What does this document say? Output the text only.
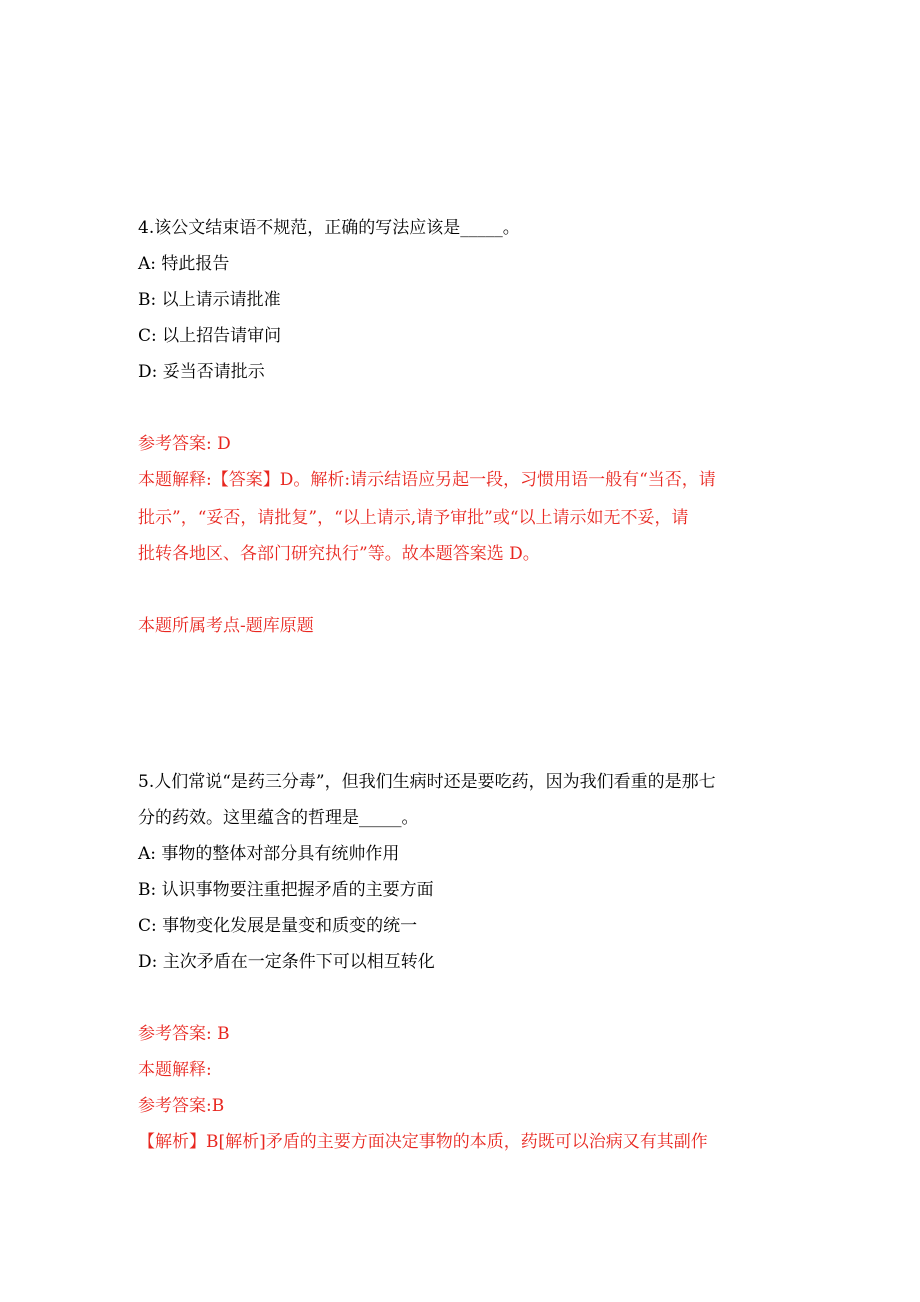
4.该公文结束语不规范，正确的写法应该是_____。
A: 特此报告
B: 以上请示请批准
C: 以上招告请审问
D: 妥当否请批示
参考答案: D
本题解释:【答案】D。解析:请示结语应另起一段，习惯用语一般有“当否，请
批示”，“妥否，请批复”，“以上请示,请予审批”或“以上请示如无不妥，请
批转各地区、各部门研究执行”等。故本题答案选 D。
本题所属考点-题库原题
5.人们常说“是药三分毒”，但我们生病时还是要吃药，因为我们看重的是那七
分的药效。这里蕴含的哲理是_____。
A: 事物的整体对部分具有统帅作用
B: 认识事物要注重把握矛盾的主要方面
C: 事物变化发展是量变和质变的统一
D: 主次矛盾在一定条件下可以相互转化
参考答案: B
本题解释:
参考答案:B
【解析】B[解析]矛盾的主要方面决定事物的本质，药既可以治病又有其副作
